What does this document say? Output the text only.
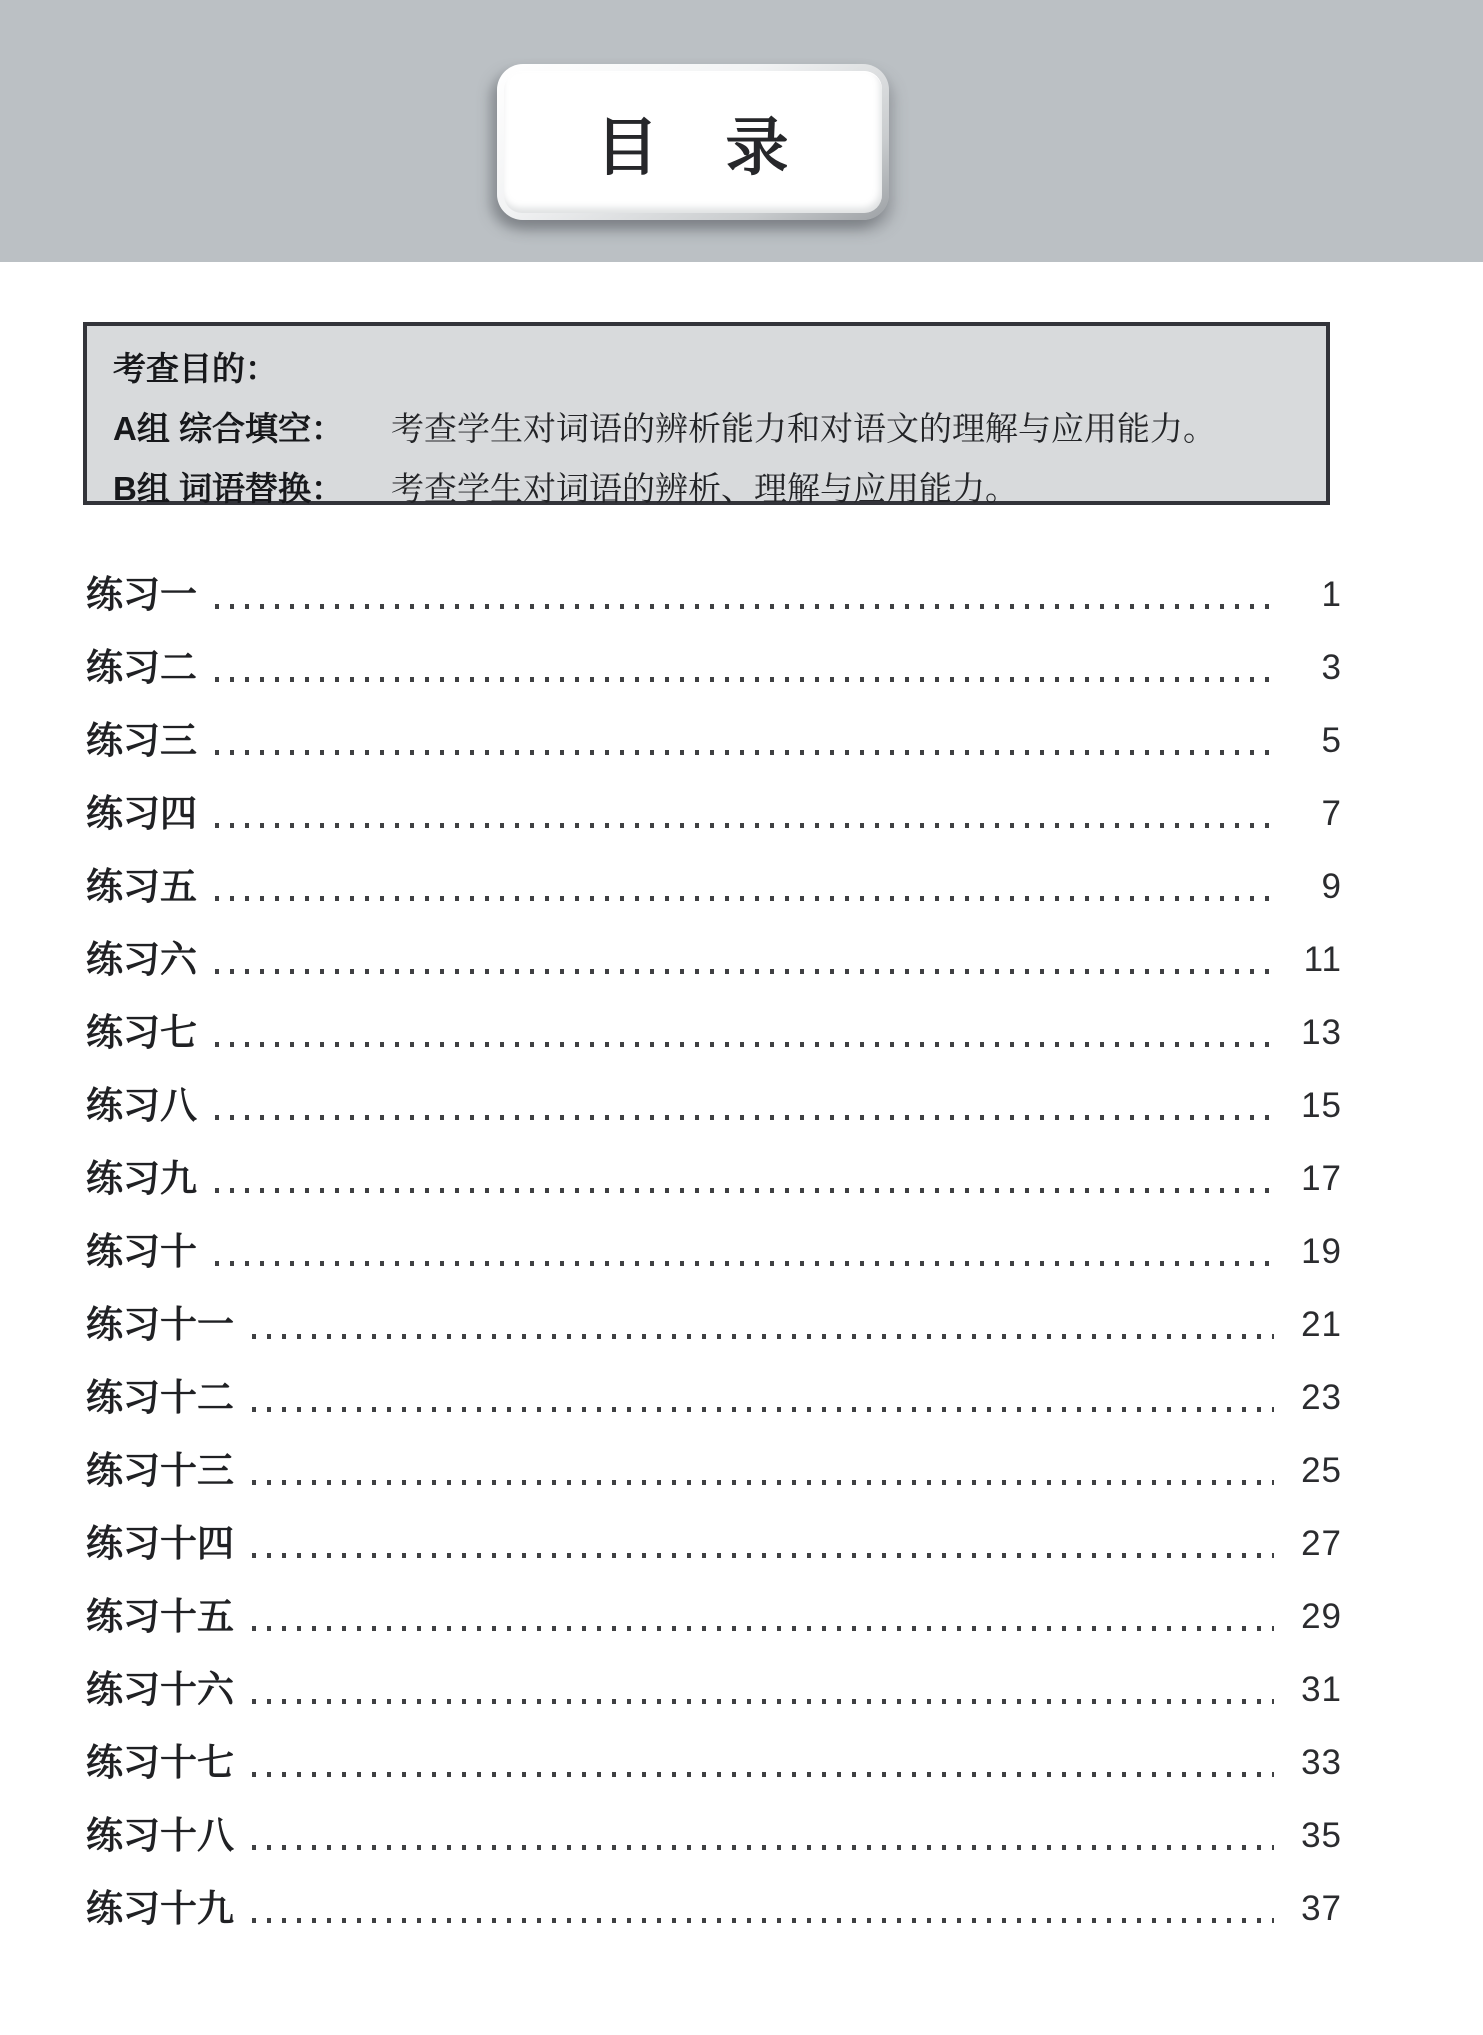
目　录
考查目的：
A组 综合填空：	考查学生对词语的辨析能力和对语文的理解与应用能力。
B组 词语替换：	考查学生对词语的辨析、理解与应用能力。
练习一	1
练习二	3
练习三	5
练习四	7
练习五	9
练习六	11
练习七	13
练习八	15
练习九	17
练习十	19
练习十一	21
练习十二	23
练习十三	25
练习十四	27
练习十五	29
练习十六	31
练习十七	33
练习十八	35
练习十九	37
